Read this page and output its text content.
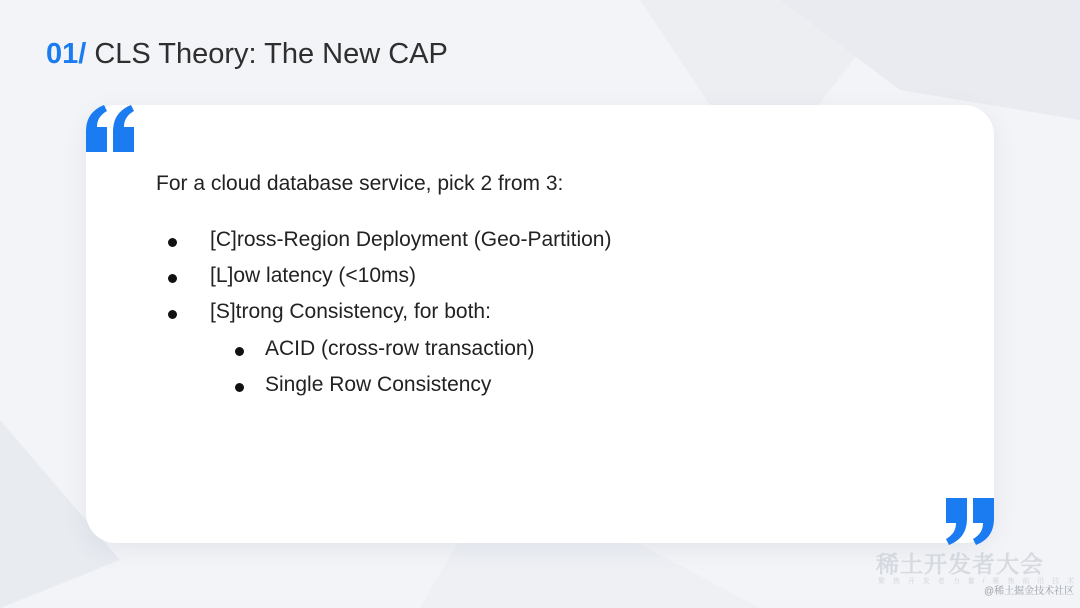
01/ CLS Theory: The New CAP
For a cloud database service, pick 2 from 3:
[C]ross-Region Deployment (Geo-Partition)
[L]ow latency (<10ms)
[S]trong Consistency, for both:
ACID (cross-row transaction)
Single Row Consistency
稀土开发者大会
聚 焦 开 发 者 力 量 / 聚 焦 前 沿 技 术
@稀土掘金技术社区
